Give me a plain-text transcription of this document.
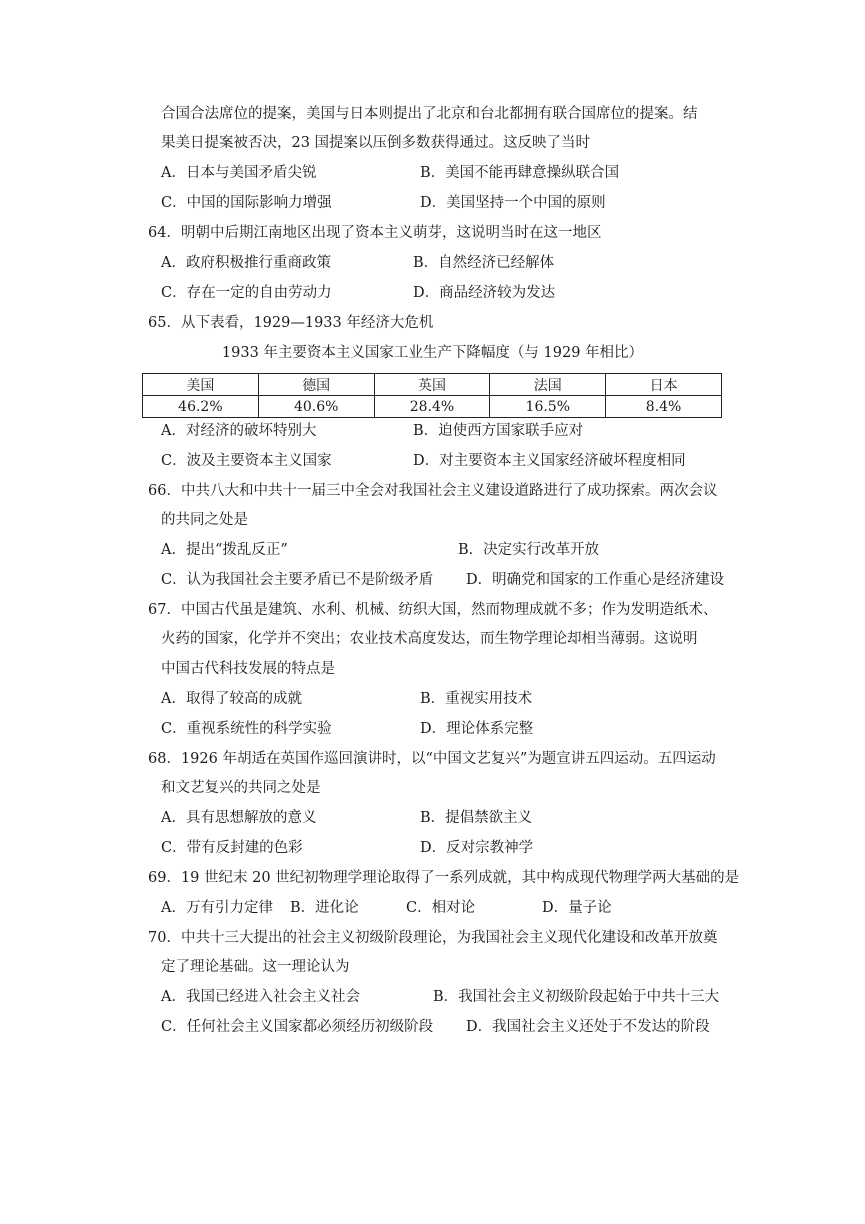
合国合法席位的提案，美国与日本则提出了北京和台北都拥有联合国席位的提案。结
果美日提案被否决，23 国提案以压倒多数获得通过。这反映了当时
A．日本与美国矛盾尖锐	B．美国不能再肆意操纵联合国
C．中国的国际影响力增强	D．美国坚持一个中国的原则
64．明朝中后期江南地区出现了资本主义萌芽，这说明当时在这一地区
A．政府积极推行重商政策	B．自然经济已经解体
C．存在一定的自由劳动力	D．商品经济较为发达
65．从下表看，1929—1933 年经济大危机
1933 年主要资本主义国家工业生产下降幅度（与 1929 年相比）
美国	德国	英国	法国	日本
46.2%	40.6%	28.4%	16.5%	8.4%
A．对经济的破坏特别大	B．迫使西方国家联手应对
C．波及主要资本主义国家	D．对主要资本主义国家经济破坏程度相同
66．中共八大和中共十一届三中全会对我国社会主义建设道路进行了成功探索。两次会议
的共同之处是
A．提出“拨乱反正”	B．决定实行改革开放
C．认为我国社会主要矛盾已不是阶级矛盾 D．明确党和国家的工作重心是经济建设
67．中国古代虽是建筑、水利、机械、纺织大国，然而物理成就不多；作为发明造纸术、
火药的国家，化学并不突出；农业技术高度发达，而生物学理论却相当薄弱。这说明
中国古代科技发展的特点是
A．取得了较高的成就	B．重视实用技术
C．重视系统性的科学实验	D．理论体系完整
68．1926 年胡适在英国作巡回演讲时，以“中国文艺复兴”为题宣讲五四运动。五四运动
和文艺复兴的共同之处是
A．具有思想解放的意义	B．提倡禁欲主义
C．带有反封建的色彩	D．反对宗教神学
69．19 世纪末 20 世纪初物理学理论取得了一系列成就，其中构成现代物理学两大基础的是
A．万有引力定律 B．进化论	C．相对论	D．量子论
70．中共十三大提出的社会主义初级阶段理论，为我国社会主义现代化建设和改革开放奠
定了理论基础。这一理论认为
A．我国已经进入社会主义社会	B．我国社会主义初级阶段起始于中共十三大
C．任何社会主义国家都必须经历初级阶段 D．我国社会主义还处于不发达的阶段
